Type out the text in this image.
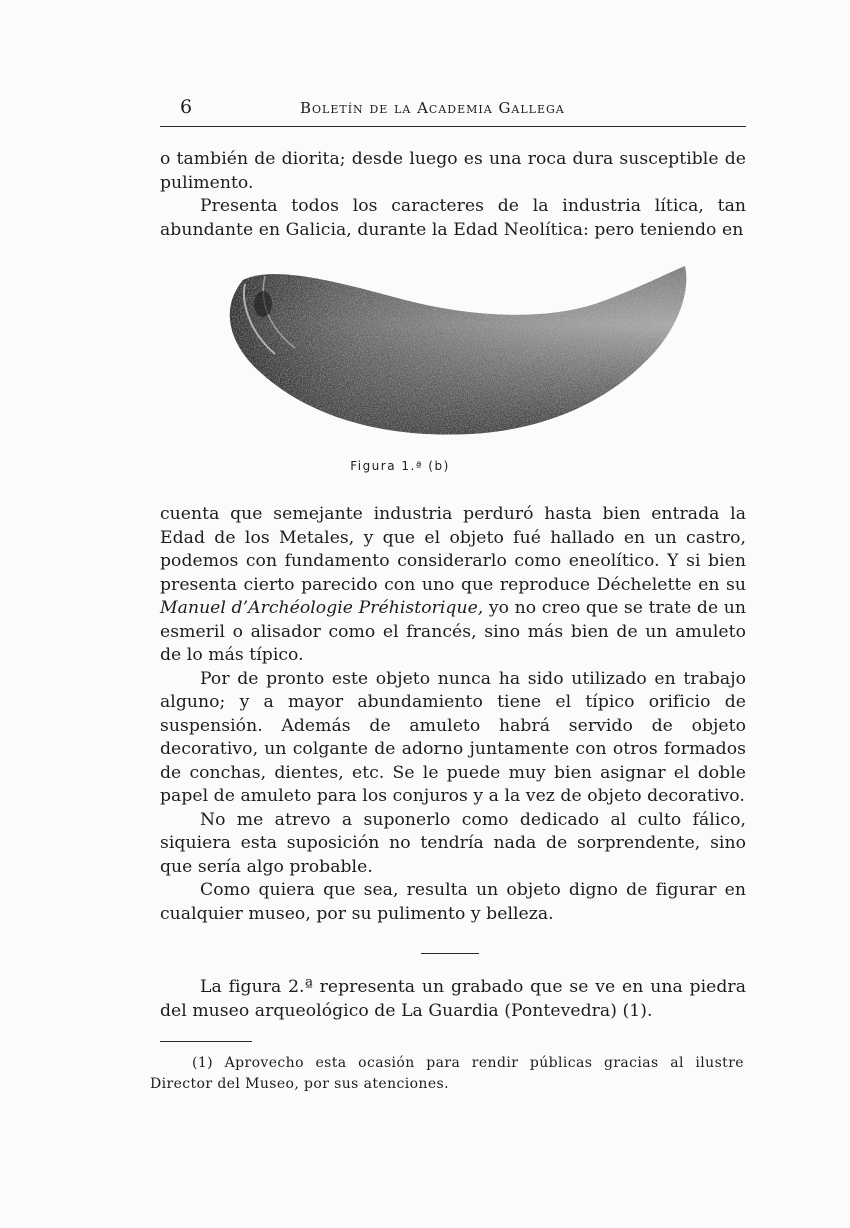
6	Boletín de la Academia Gallega

o también de diorita; desde luego es una roca dura susceptible de pulimento.

Presenta todos los caracteres de la industria lítica, tan abundante en Galicia, durante la Edad Neolítica: pero teniendo en

Figura 1.ª (b)

cuenta que semejante industria perduró hasta bien entrada la Edad de los Metales, y que el objeto fué hallado en un castro, podemos con fundamento considerarlo como eneolítico. Y si bien presenta cierto parecido con uno que reproduce Déchelette en su Manuel d’Archéologie Préhistorique, yo no creo que se trate de un esmeril o alisador como el francés, sino más bien de un amuleto de lo más típico.

Por de pronto este objeto nunca ha sido utilizado en trabajo alguno; y a mayor abundamiento tiene el típico orificio de suspensión. Además de amuleto habrá servido de objeto decorativo, un colgante de adorno juntamente con otros formados de conchas, dientes, etc. Se le puede muy bien asignar el doble papel de amuleto para los conjuros y a la vez de objeto decorativo.

No me atrevo a suponerlo como dedicado al culto fálico, siquiera esta suposición no tendría nada de sorprendente, sino que sería algo probable.

Como quiera que sea, resulta un objeto digno de figurar en cualquier museo, por su pulimento y belleza.

La figura 2.ª representa un grabado que se ve en una piedra del museo arqueológico de La Guardia (Pontevedra) (1).

(1) Aprovecho esta ocasión para rendir públicas gracias al ilustre Director del Museo, por sus atenciones.
